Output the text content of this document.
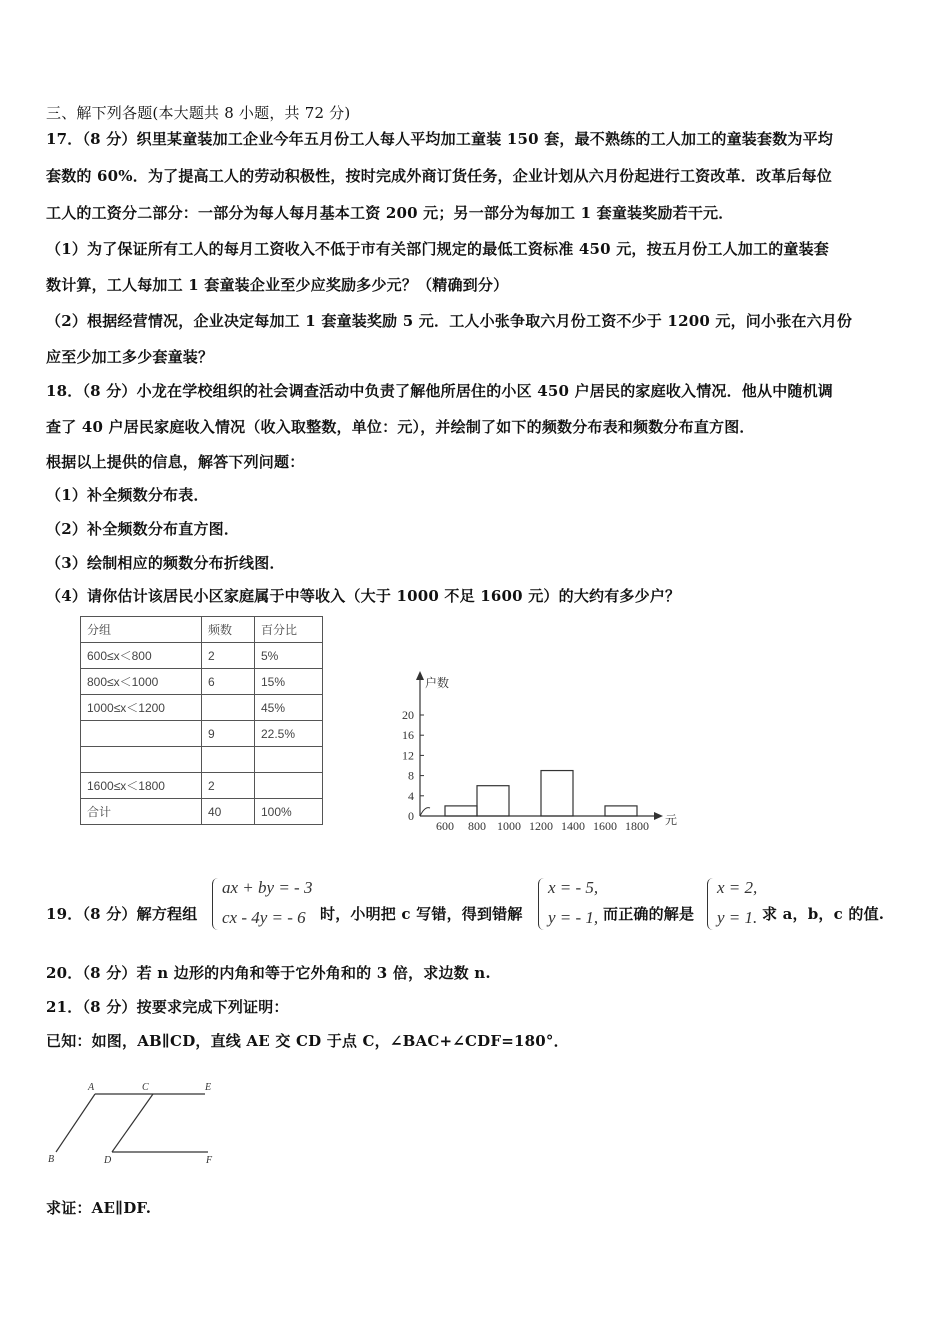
三、解下列各题(本大题共 8 小题，共 72 分)
17．（8 分）织里某童装加工企业今年五月份工人每人平均加工童装 150 套，最不熟练的工人加工的童装套数为平均
套数的 60%．为了提高工人的劳动积极性，按时完成外商订货任务，企业计划从六月份起进行工资改革．改革后每位
工人的工资分二部分：一部分为每人每月基本工资 200 元；另一部分为每加工 1 套童装奖励若干元．
（1）为了保证所有工人的每月工资收入不低于市有关部门规定的最低工资标准 450 元，按五月份工人加工的童装套
数计算，工人每加工 1 套童装企业至少应奖励多少元？（精确到分）
（2）根据经营情况，企业决定每加工 1 套童装奖励 5 元．工人小张争取六月份工资不少于 1200 元，问小张在六月份
应至少加工多少套童装？
18．（8 分）小龙在学校组织的社会调查活动中负责了解他所居住的小区 450 户居民的家庭收入情况．他从中随机调
查了 40 户居民家庭收入情况（收入取整数，单位：元），并绘制了如下的频数分布表和频数分布直方图．
根据以上提供的信息，解答下列问题：
（1）补全频数分布表．
（2）补全频数分布直方图．
（3）绘制相应的频数分布折线图．
（4）请你估计该居民小区家庭属于中等收入（大于 1000 不足 1600 元）的大约有多少户？
分组	频数	百分比
600≤x＜800	2	5%
800≤x＜1000	6	15%
1000≤x＜1200		45%
	9	22.5%

1600≤x＜1800	2	
合计	40	100%
户数
元
0
4
8
12
16
20
600 800 1000 1200 1400 1600 1800
19．（8 分）解方程组
ax + by = - 3
cx - 4y = - 6 时，小明把 c 写错，得到错解
x = - 5,
y = - 1, 而正确的解是
x = 2,
y = 1. 求 a，b，c 的值.
20．（8 分）若 n 边形的内角和等于它外角和的 3 倍，求边数 n.
21．（8 分）按要求完成下列证明：
已知：如图，AB∥CD，直线 AE 交 CD 于点 C，∠BAC+∠CDF=180°．
A	C	E
B	D	F
求证：AE∥DF.
